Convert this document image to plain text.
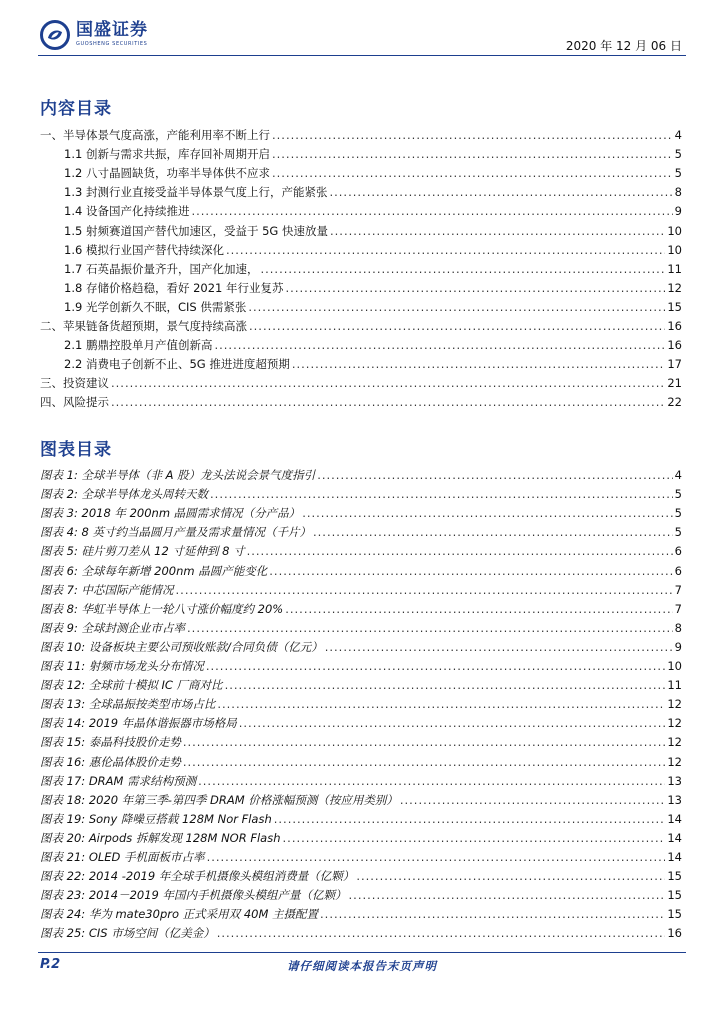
国盛证券
GUOSHENG SECURITIES	2020 年 12 月 06 日
内容目录
一、半导体景气度高涨，产能利用率不断上行 .....	4
1.1 创新与需求共振，库存回补周期开启 .....	5
1.2 八寸晶圆缺货，功率半导体供不应求 .....	5
1.3 封测行业直接受益半导体景气度上行，产能紧张 .....	8
1.4 设备国产化持续推进 .....	9
1.5 射频赛道国产替代加速区，受益于 5G 快速放量 .....	10
1.6 模拟行业国产替代持续深化 .....	10
1.7 石英晶振价量齐升，国产化加速， .....	11
1.8 存储价格趋稳，看好 2021 年行业复苏 .....	12
1.9 光学创新久不眠，CIS 供需紧张 .....	15
二、苹果链备货超预期，景气度持续高涨 .....	16
2.1 鹏鼎控股单月产值创新高 .....	16
2.2 消费电子创新不止、5G 推进进度超预期 .....	17
三、投资建议 .....	21
四、风险提示 .....	22
图表目录
图表 1: 全球半导体（非 A 股）龙头法说会景气度指引 .....	4
图表 2: 全球半导体龙头周转天数 .....	5
图表 3: 2018 年 200nm 晶圆需求情况（分产品） .....	5
图表 4: 8 英寸约当晶圆月产量及需求量情况（千片） .....	5
图表 5: 硅片剪刀差从 12 寸延伸到 8 寸 .....	6
图表 6: 全球每年新增 200nm 晶圆产能变化 .....	6
图表 7: 中芯国际产能情况 .....	7
图表 8: 华虹半导体上一轮八寸涨价幅度约 20% .....	7
图表 9: 全球封测企业市占率 .....	8
图表 10: 设备板块主要公司预收账款/合同负债（亿元） .....	9
图表 11: 射频市场龙头分布情况 .....	10
图表 12: 全球前十模拟 IC 厂商对比 .....	11
图表 13: 全球晶振按类型市场占比 .....	12
图表 14: 2019 年晶体谐振器市场格局 .....	12
图表 15: 泰晶科技股价走势 .....	12
图表 16: 惠伦晶体股价走势 .....	12
图表 17: DRAM 需求结构预测 .....	13
图表 18: 2020 年第三季-第四季 DRAM 价格涨幅预测（按应用类别） .....	13
图表 19: Sony 降噪豆搭载 128M Nor Flash .....	14
图表 20: Airpods 拆解发现 128M NOR Flash .....	14
图表 21: OLED 手机面板市占率 .....	14
图表 22: 2014 -2019 年全球手机摄像头模组消费量（亿颗） .....	15
图表 23: 2014－2019 年国内手机摄像头模组产量（亿颗） .....	15
图表 24: 华为 mate30pro 正式采用双 40M 主摄配置 .....	15
图表 25: CIS 市场空间（亿美金） .....	16
P.2	请仔细阅读本报告末页声明
